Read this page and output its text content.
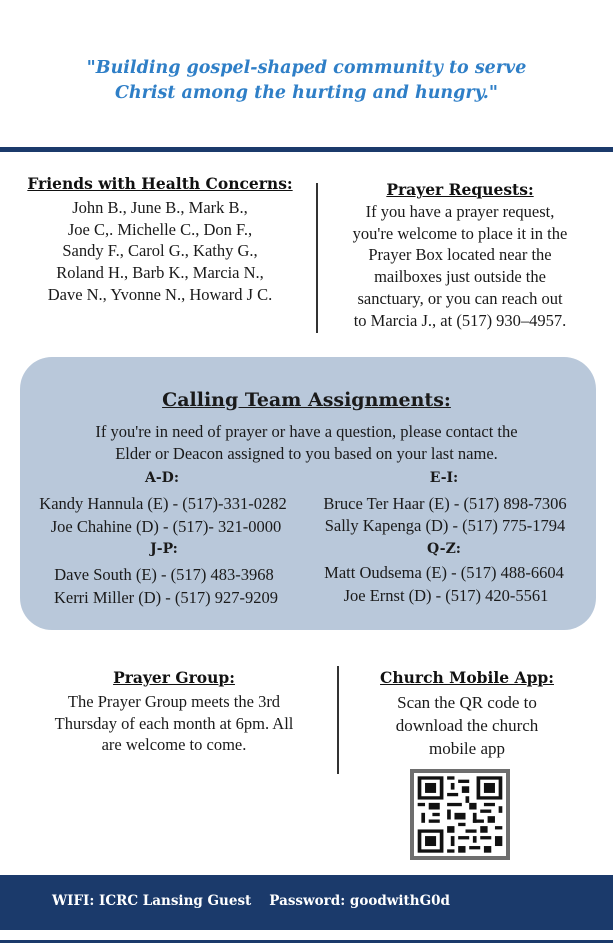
"Building gospel-shaped community to serve
Christ among the hurting and hungry."
Friends with Health Concerns:
John B., June B., Mark B.,
Joe C,. Michelle C., Don F.,
Sandy F., Carol G., Kathy G.,
Roland H., Barb K., Marcia N.,
Dave N., Yvonne N., Howard J C.
Prayer Requests:
If you have a prayer request,
you're welcome to place it in the
Prayer Box located near the
mailboxes just outside the
sanctuary, or you can reach out
to Marcia J., at (517) 930–4957.
Calling Team Assignments:
If you're in need of prayer or have a question, please contact the
Elder or Deacon assigned to you based on your last name.
A-D:
Kandy Hannula (E) - (517)-331-0282
Joe Chahine (D) - (517)- 321-0000
E-I:
Bruce Ter Haar (E) - (517) 898-7306
Sally Kapenga (D) - (517) 775-1794
J-P:
Dave South (E) - (517) 483-3968
Kerri Miller (D) - (517) 927-9209
Q-Z:
Matt Oudsema (E) - (517) 488-6604
Joe Ernst (D) - (517) 420-5561
Prayer Group:
The Prayer Group meets the 3rd
Thursday of each month at 6pm. All
are welcome to come.
Church Mobile App:
Scan the QR code to
download the church
mobile app
WIFI: ICRC Lansing Guest Password: goodwithG0d
